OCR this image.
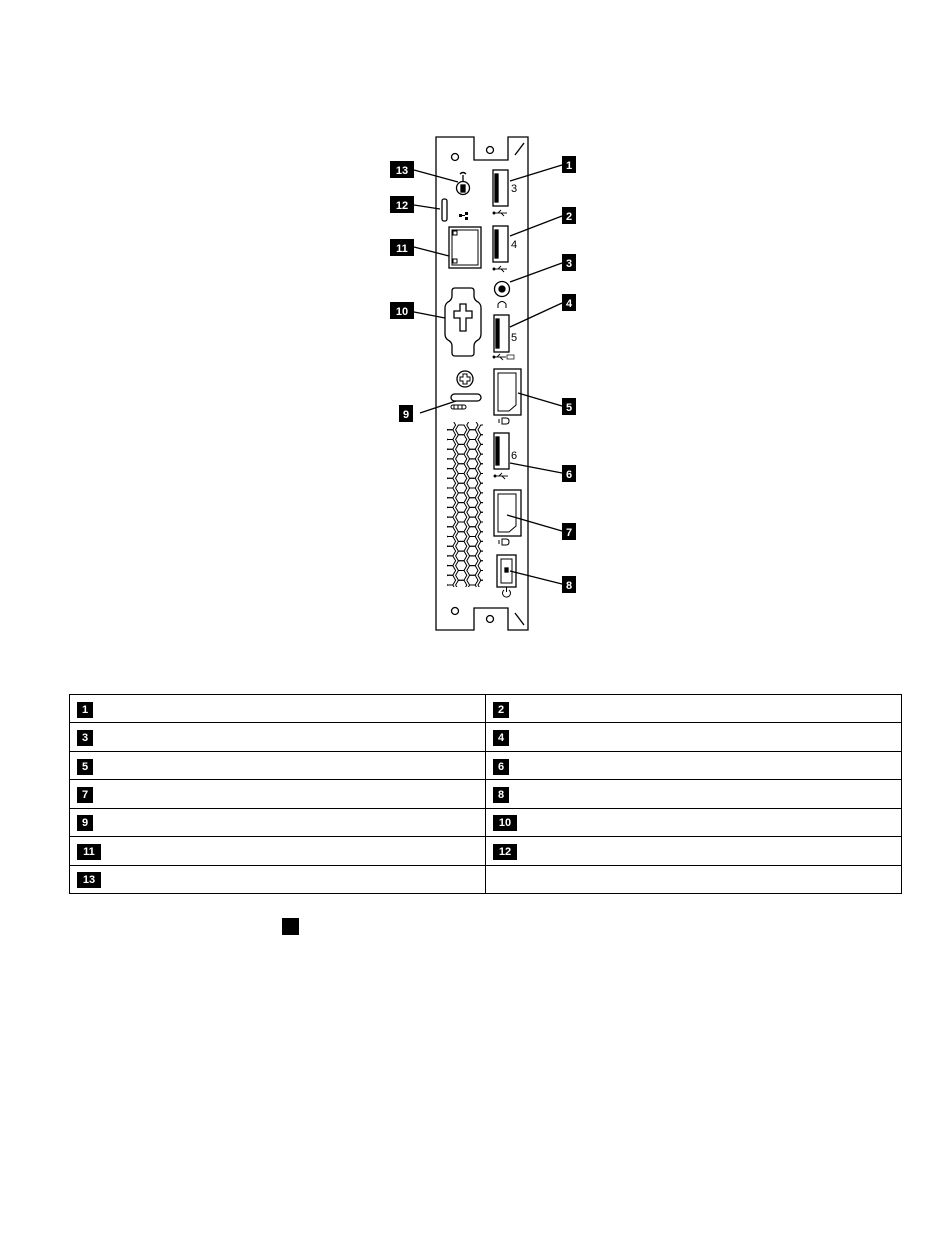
3
4
5
6
1
2
3
4
5
6
7
8
9
10
11
12
13
1	2
3	4
5	6
7	8
9	10
11	12
13	
